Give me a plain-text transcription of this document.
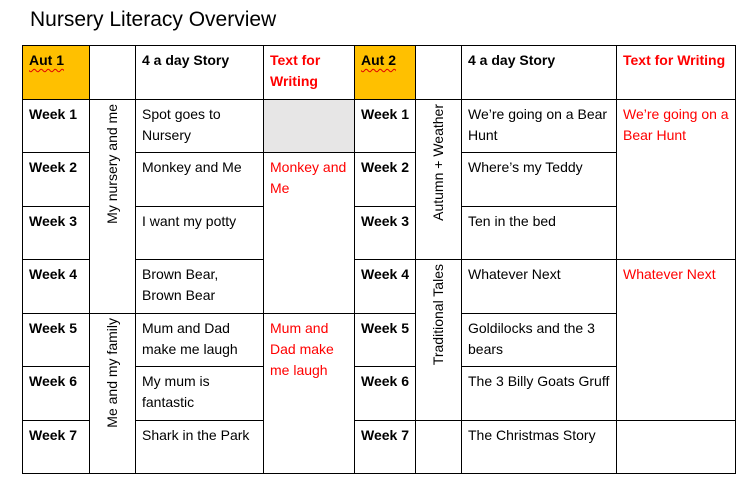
Nursery Literacy Overview
Aut 1		4 a day Story	Text for Writing	Aut 2		4 a day Story	Text for Writing
Week 1	My nursery and me	Spot goes to Nursery		Week 1	Autumn + Weather	We’re going on a Bear Hunt	We’re going on a Bear Hunt
Week 2		Monkey and Me	Monkey and Me	Week 2		Where’s my Teddy	
Week 3		I want my potty		Week 3		Ten in the bed	
Week 4		Brown Bear, Brown Bear		Week 4	Traditional Tales	Whatever Next	Whatever Next
Week 5	Me and my family	Mum and Dad make me laugh	Mum and Dad make me laugh	Week 5		Goldilocks and the 3 bears	
Week 6		My mum is fantastic		Week 6		The 3 Billy Goats Gruff	
Week 7		Shark in the Park		Week 7		The Christmas Story	
